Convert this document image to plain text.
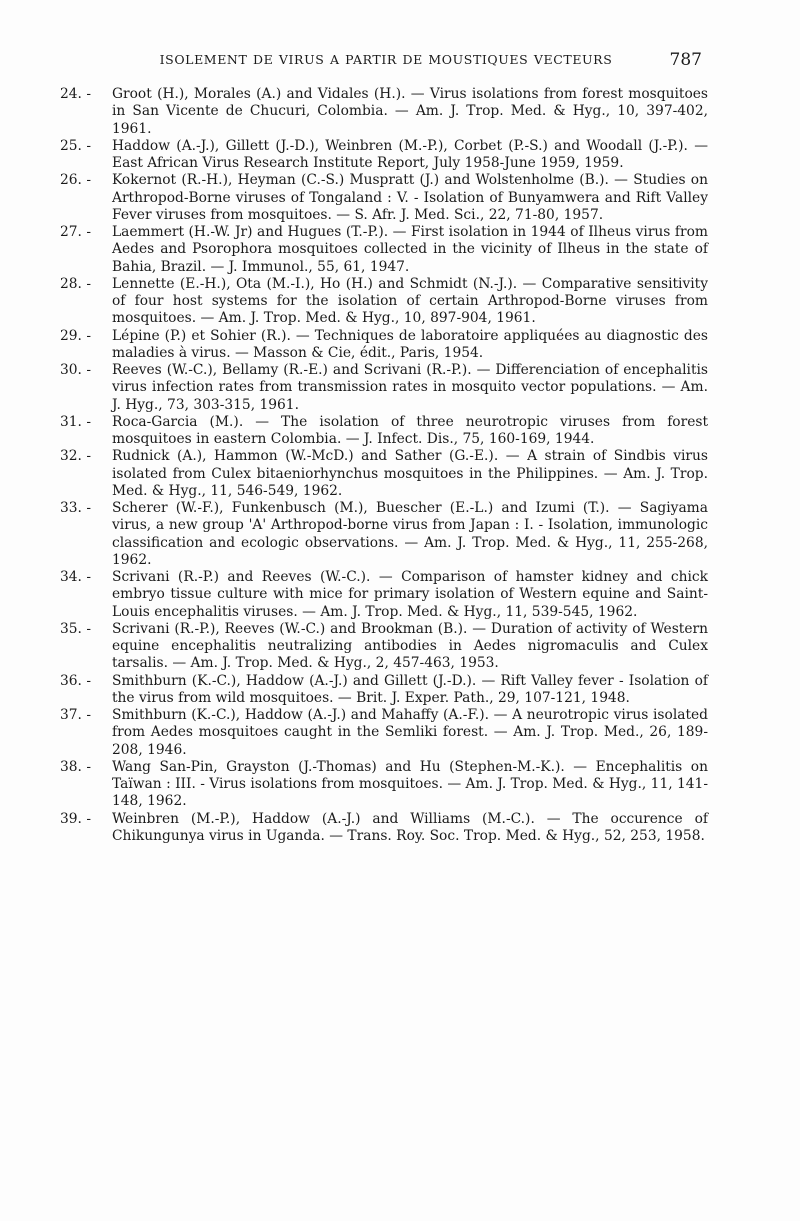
ISOLEMENT DE VIRUS A PARTIR DE MOUSTIQUES VECTEURS	787
24. -	Groot (H.), Morales (A.) and Vidales (H.). — Virus isolations from forest mosquitoes in San Vicente de Chucuri, Colombia. — Am. J. Trop. Med. & Hyg., 10, 397-402, 1961.
25. -	Haddow (A.-J.), Gillett (J.-D.), Weinbren (M.-P.), Corbet (P.-S.) and Woodall (J.-P.). — East African Virus Research Institute Report, July 1958-June 1959, 1959.
26. -	Kokernot (R.-H.), Heyman (C.-S.) Muspratt (J.) and Wolstenholme (B.). — Studies on Arthropod-Borne viruses of Tongaland : V. - Isolation of Bunyamwera and Rift Valley Fever viruses from mosquitoes. — S. Afr. J. Med. Sci., 22, 71-80, 1957.
27. -	Laemmert (H.-W. Jr) and Hugues (T.-P.). — First isolation in 1944 of Ilheus virus from Aedes and Psorophora mosquitoes collected in the vicinity of Ilheus in the state of Bahia, Brazil. — J. Immunol., 55, 61, 1947.
28. -	Lennette (E.-H.), Ota (M.-I.), Ho (H.) and Schmidt (N.-J.). — Comparative sensitivity of four host systems for the isolation of certain Arthropod-Borne viruses from mosquitoes. — Am. J. Trop. Med. & Hyg., 10, 897-904, 1961.
29. -	Lépine (P.) et Sohier (R.). — Techniques de laboratoire appliquées au diagnostic des maladies à virus. — Masson & Cie, édit., Paris, 1954.
30. -	Reeves (W.-C.), Bellamy (R.-E.) and Scrivani (R.-P.). — Differenciation of encephalitis virus infection rates from transmission rates in mosquito vector populations. — Am. J. Hyg., 73, 303-315, 1961.
31. -	Roca-Garcia (M.). — The isolation of three neurotropic viruses from forest mosquitoes in eastern Colombia. — J. Infect. Dis., 75, 160-169, 1944.
32. -	Rudnick (A.), Hammon (W.-McD.) and Sather (G.-E.). — A strain of Sindbis virus isolated from Culex bitaeniorhynchus mosquitoes in the Philippines. — Am. J. Trop. Med. & Hyg., 11, 546-549, 1962.
33. -	Scherer (W.-F.), Funkenbusch (M.), Buescher (E.-L.) and Izumi (T.). — Sagiyama virus, a new group 'A' Arthropod-borne virus from Japan : I. - Isolation, immunologic classification and ecologic observations. — Am. J. Trop. Med. & Hyg., 11, 255-268, 1962.
34. -	Scrivani (R.-P.) and Reeves (W.-C.). — Comparison of hamster kidney and chick embryo tissue culture with mice for primary isolation of Western equine and Saint-Louis encephalitis viruses. — Am. J. Trop. Med. & Hyg., 11, 539-545, 1962.
35. -	Scrivani (R.-P.), Reeves (W.-C.) and Brookman (B.). — Duration of activity of Western equine encephalitis neutralizing antibodies in Aedes nigromaculis and Culex tarsalis. — Am. J. Trop. Med. & Hyg., 2, 457-463, 1953.
36. -	Smithburn (K.-C.), Haddow (A.-J.) and Gillett (J.-D.). — Rift Valley fever - Isolation of the virus from wild mosquitoes. — Brit. J. Exper. Path., 29, 107-121, 1948.
37. -	Smithburn (K.-C.), Haddow (A.-J.) and Mahaffy (A.-F.). — A neurotropic virus isolated from Aedes mosquitoes caught in the Semliki forest. — Am. J. Trop. Med., 26, 189-208, 1946.
38. -	Wang San-Pin, Grayston (J.-Thomas) and Hu (Stephen-M.-K.). — Encephalitis on Taïwan : III. - Virus isolations from mosquitoes. — Am. J. Trop. Med. & Hyg., 11, 141-148, 1962.
39. -	Weinbren (M.-P.), Haddow (A.-J.) and Williams (M.-C.). — The occurence of Chikungunya virus in Uganda. — Trans. Roy. Soc. Trop. Med. & Hyg., 52, 253, 1958.
